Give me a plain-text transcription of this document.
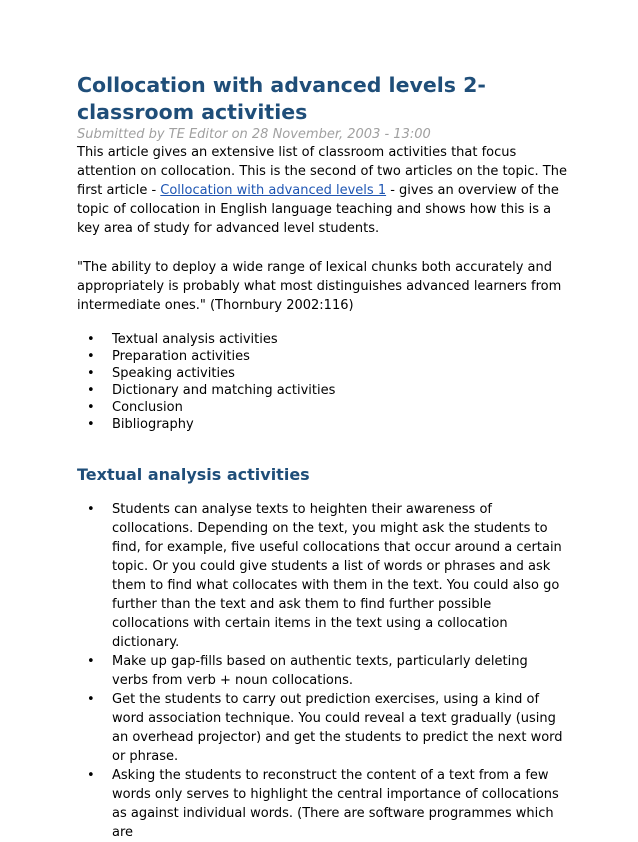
Collocation with advanced levels 2- classroom activities
Submitted by TE Editor on 28 November, 2003 - 13:00

This article gives an extensive list of classroom activities that focus attention on collocation. This is the second of two articles on the topic. The first article - Collocation with advanced levels 1 - gives an overview of the topic of collocation in English language teaching and shows how this is a key area of study for advanced level students.

"The ability to deploy a wide range of lexical chunks both accurately and appropriately is probably what most distinguishes advanced learners from intermediate ones." (Thornbury 2002:116)

• Textual analysis activities
• Preparation activities
• Speaking activities
• Dictionary and matching activities
• Conclusion
• Bibliography
Textual analysis activities
• Students can analyse texts to heighten their awareness of collocations. Depending on the text, you might ask the students to find, for example, five useful collocations that occur around a certain topic. Or you could give students a list of words or phrases and ask them to find what collocates with them in the text. You could also go further than the text and ask them to find further possible collocations with certain items in the text using a collocation dictionary.
• Make up gap-fills based on authentic texts, particularly deleting verbs from verb + noun collocations.
• Get the students to carry out prediction exercises, using a kind of word association technique. You could reveal a text gradually (using an overhead projector) and get the students to predict the next word or phrase.
• Asking the students to reconstruct the content of a text from a few words only serves to highlight the central importance of collocations as against individual words. (There are software programmes which are
